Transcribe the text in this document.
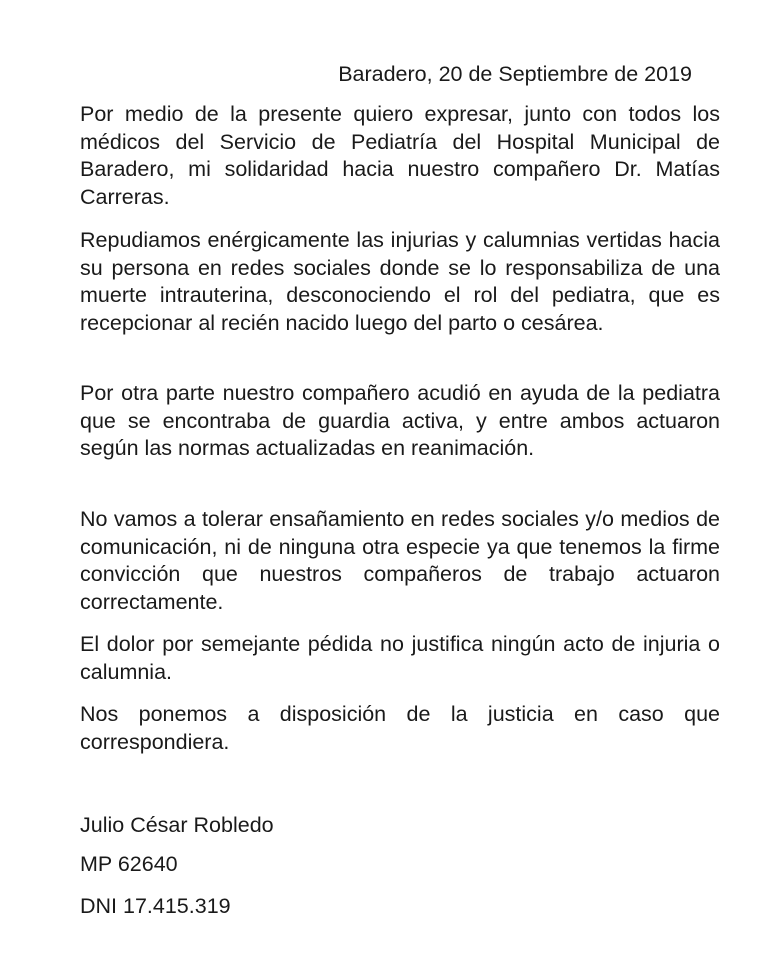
Baradero, 20 de Septiembre de 2019

Por medio de la presente quiero expresar, junto con todos los médicos del Servicio de Pediatría del Hospital Municipal de Baradero, mi solidaridad hacia nuestro compañero Dr. Matías Carreras.

Repudiamos enérgicamente las injurias y calumnias vertidas hacia su persona en redes sociales donde se lo responsabiliza de una muerte intrauterina, desconociendo el rol del pediatra, que es recepcionar al recién nacido luego del parto o cesárea.

Por otra parte nuestro compañero acudió en ayuda de la pediatra que se encontraba de guardia activa, y entre ambos actuaron según las normas actualizadas en reanimación.

No vamos a tolerar ensañamiento en redes sociales y/o medios de comunicación, ni de ninguna otra especie ya que tenemos la firme convicción que nuestros compañeros de trabajo actuaron correctamente.

El dolor por semejante pédida no justifica ningún acto de injuria o calumnia.

Nos ponemos a disposición de la justicia en caso que correspondiera.

Julio César Robledo
MP 62640
DNI 17.415.319
